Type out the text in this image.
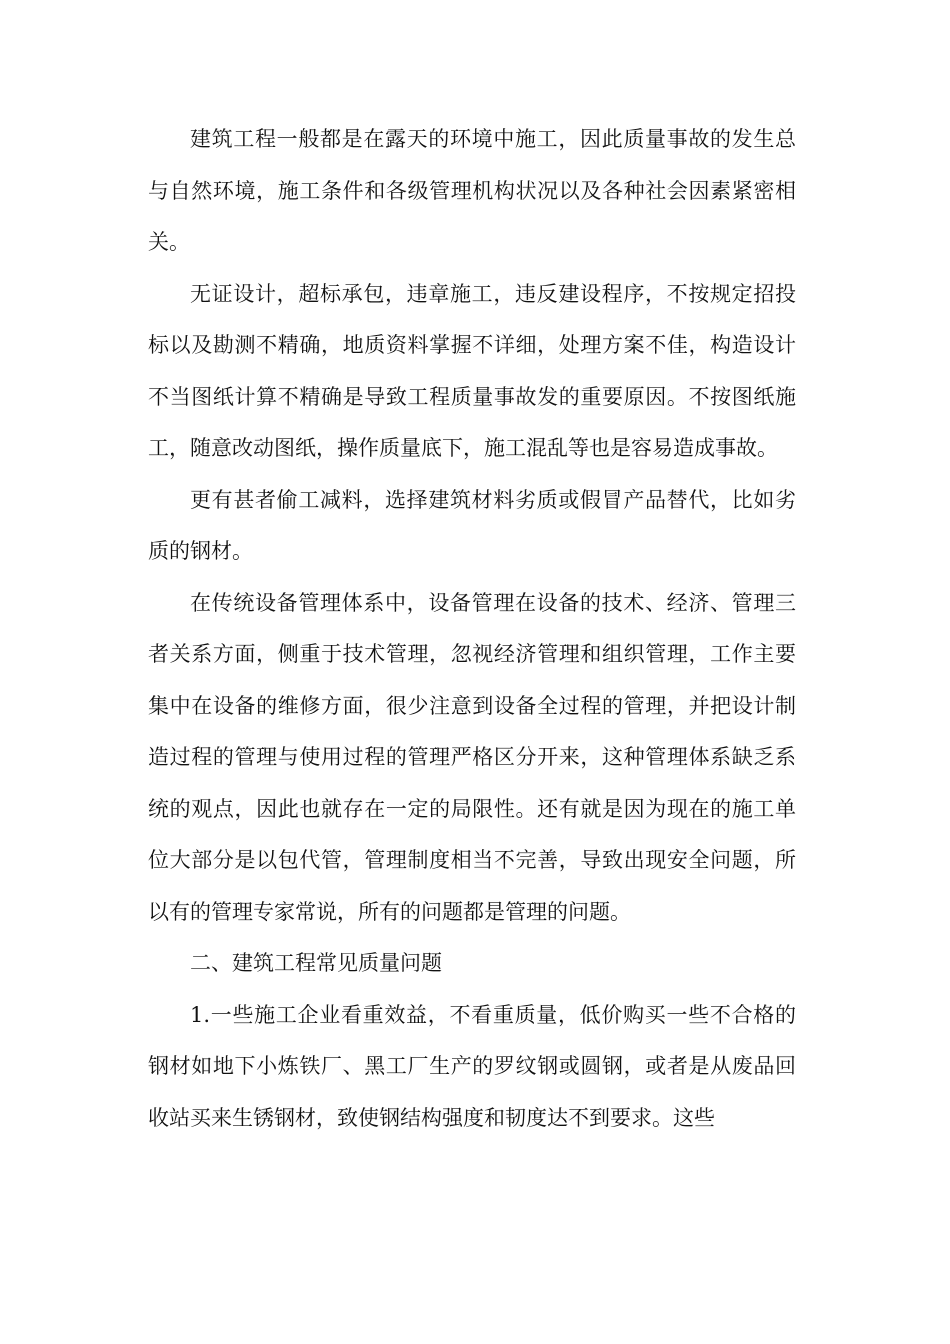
建筑工程一般都是在露天的环境中施工，因此质量事故的发生总与自然环境，施工条件和各级管理机构状况以及各种社会因素紧密相关。

无证设计，超标承包，违章施工，违反建设程序，不按规定招投标以及勘测不精确，地质资料掌握不详细，处理方案不佳，构造设计不当图纸计算不精确是导致工程质量事故发的重要原因。不按图纸施工，随意改动图纸，操作质量底下，施工混乱等也是容易造成事故。

更有甚者偷工减料，选择建筑材料劣质或假冒产品替代，比如劣质的钢材。

在传统设备管理体系中，设备管理在设备的技术、经济、管理三者关系方面，侧重于技术管理，忽视经济管理和组织管理，工作主要集中在设备的维修方面，很少注意到设备全过程的管理，并把设计制造过程的管理与使用过程的管理严格区分开来，这种管理体系缺乏系统的观点，因此也就存在一定的局限性。还有就是因为现在的施工单位大部分是以包代管，管理制度相当不完善，导致出现安全问题，所以有的管理专家常说，所有的问题都是管理的问题。

二、建筑工程常见质量问题

1.一些施工企业看重效益，不看重质量，低价购买一些不合格的钢材如地下小炼铁厂、黑工厂生产的罗纹钢或圆钢，或者是从废品回收站买来生锈钢材，致使钢结构强度和韧度达不到要求。这些
